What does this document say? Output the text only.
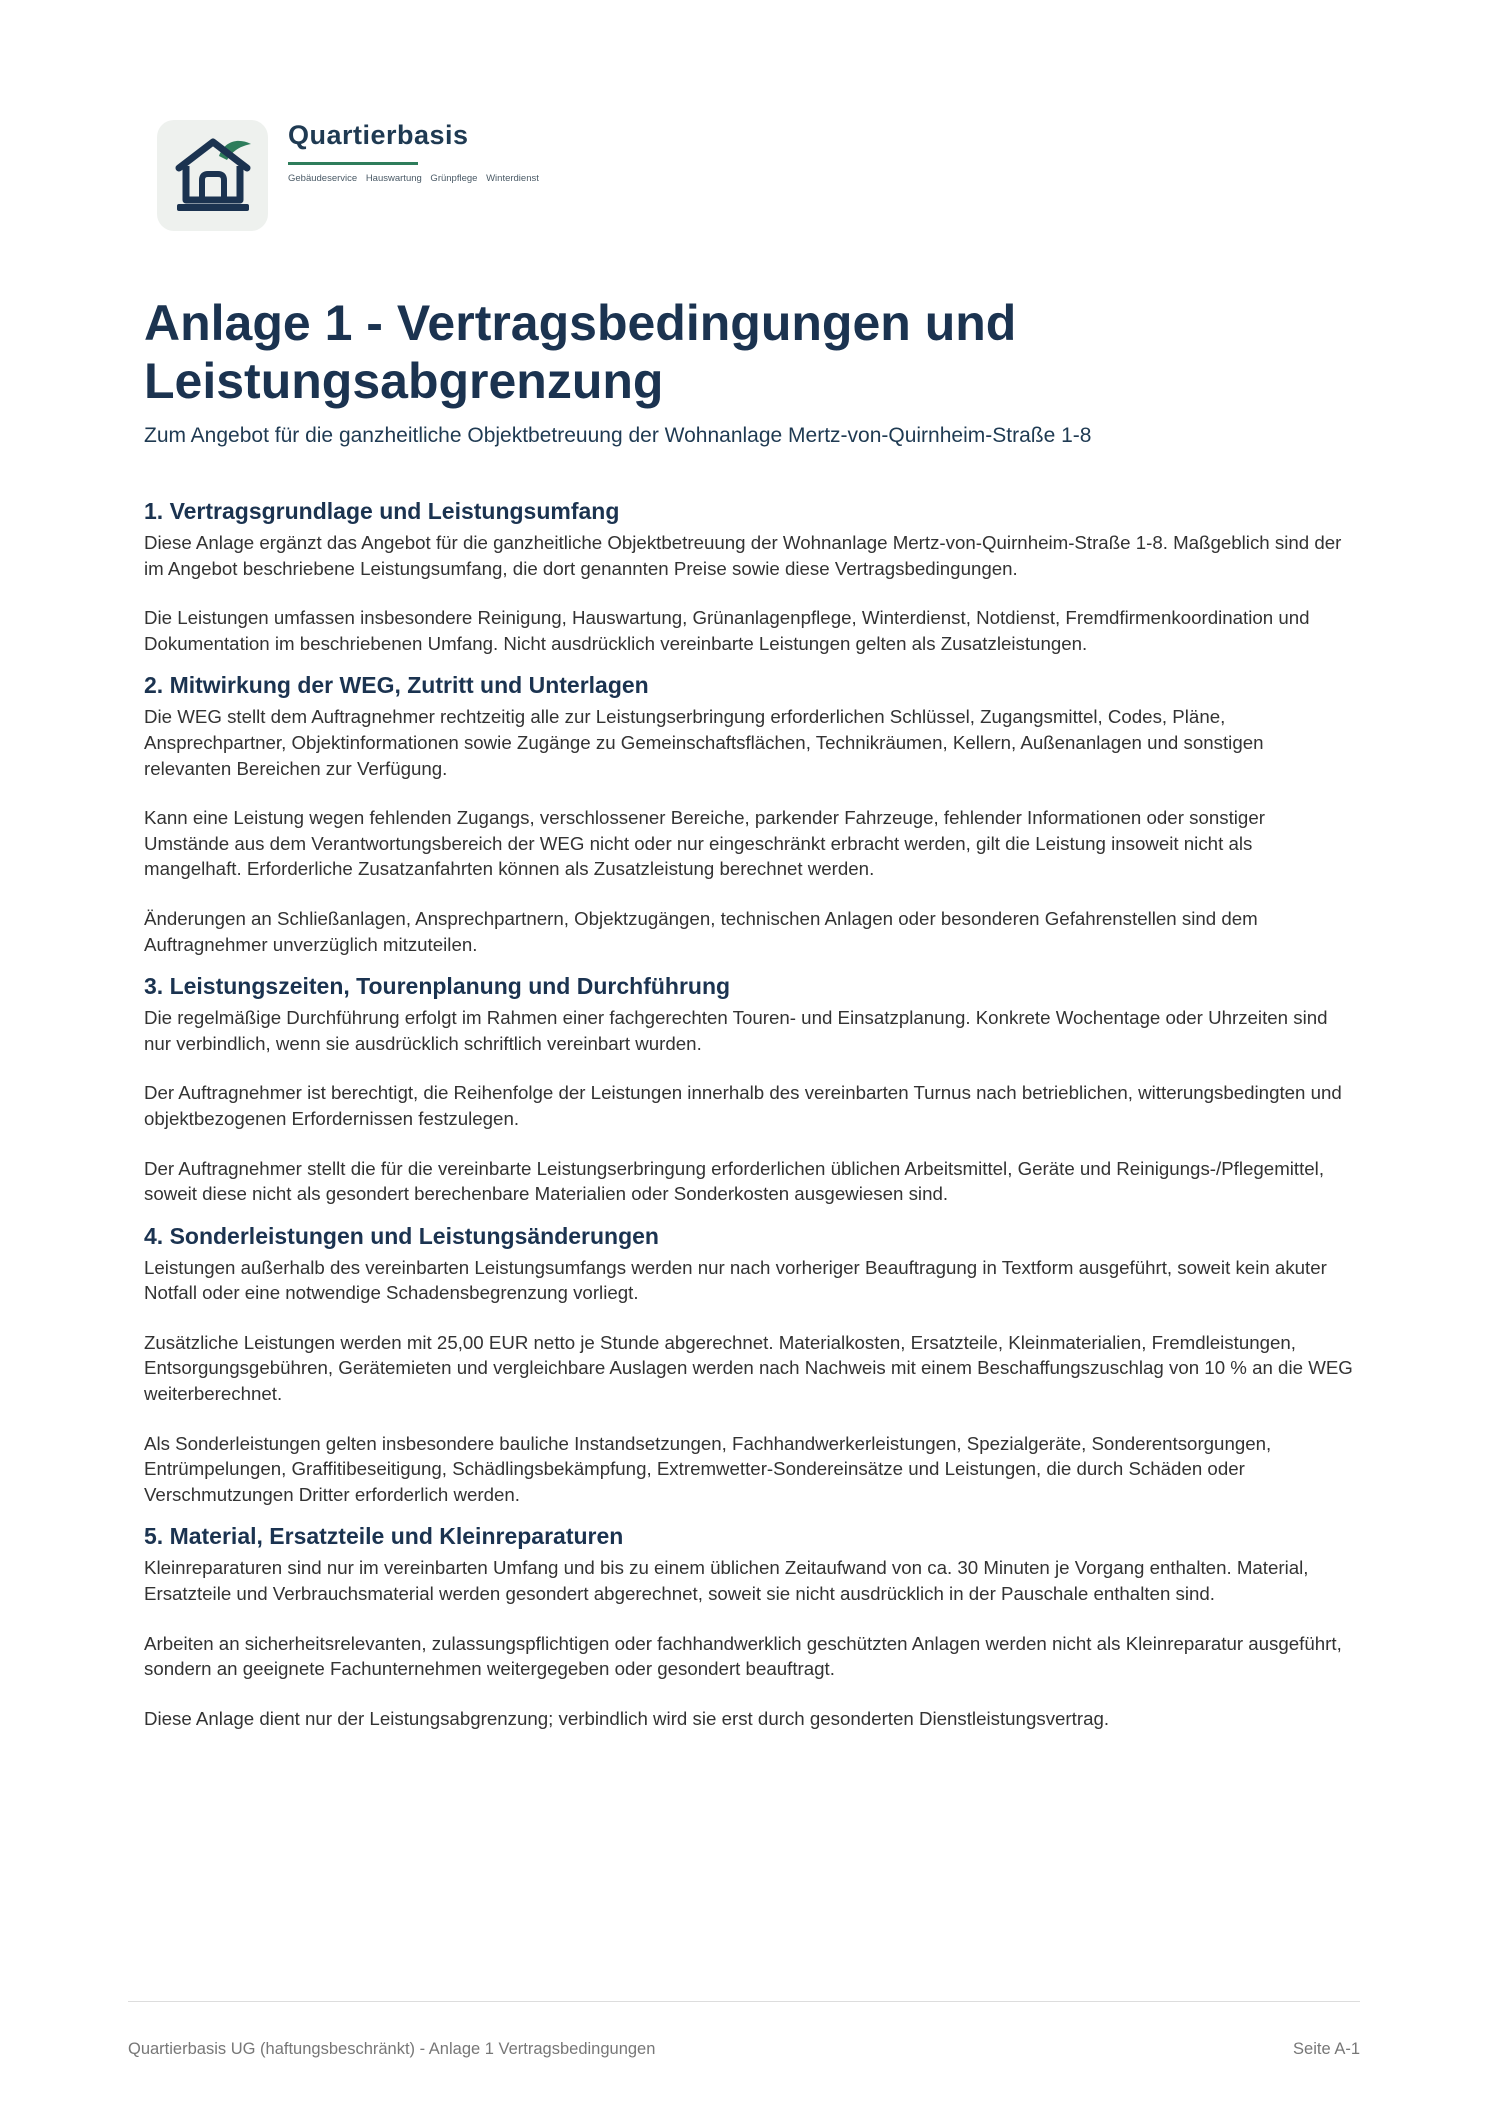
Quartierbasis
Gebäudeservice Hauswartung Grünpflege Winterdienst
Anlage 1 - Vertragsbedingungen und Leistungsabgrenzung

Zum Angebot für die ganzheitliche Objektbetreuung der Wohnanlage Mertz-von-Quirnheim-Straße 1-8

1. Vertragsgrundlage und Leistungsumfang

Diese Anlage ergänzt das Angebot für die ganzheitliche Objektbetreuung der Wohnanlage Mertz-von-Quirnheim-Straße 1-8. Maßgeblich sind der im Angebot beschriebene Leistungsumfang, die dort genannten Preise sowie diese Vertragsbedingungen.

Die Leistungen umfassen insbesondere Reinigung, Hauswartung, Grünanlagenpflege, Winterdienst, Notdienst, Fremdfirmenkoordination und Dokumentation im beschriebenen Umfang. Nicht ausdrücklich vereinbarte Leistungen gelten als Zusatzleistungen.

2. Mitwirkung der WEG, Zutritt und Unterlagen

Die WEG stellt dem Auftragnehmer rechtzeitig alle zur Leistungserbringung erforderlichen Schlüssel, Zugangsmittel, Codes, Pläne, Ansprechpartner, Objektinformationen sowie Zugänge zu Gemeinschaftsflächen, Technikräumen, Kellern, Außenanlagen und sonstigen relevanten Bereichen zur Verfügung.

Kann eine Leistung wegen fehlenden Zugangs, verschlossener Bereiche, parkender Fahrzeuge, fehlender Informationen oder sonstiger Umstände aus dem Verantwortungsbereich der WEG nicht oder nur eingeschränkt erbracht werden, gilt die Leistung insoweit nicht als mangelhaft. Erforderliche Zusatzanfahrten können als Zusatzleistung berechnet werden.

Änderungen an Schließanlagen, Ansprechpartnern, Objektzugängen, technischen Anlagen oder besonderen Gefahrenstellen sind dem Auftragnehmer unverzüglich mitzuteilen.

3. Leistungszeiten, Tourenplanung und Durchführung

Die regelmäßige Durchführung erfolgt im Rahmen einer fachgerechten Touren- und Einsatzplanung. Konkrete Wochentage oder Uhrzeiten sind nur verbindlich, wenn sie ausdrücklich schriftlich vereinbart wurden.

Der Auftragnehmer ist berechtigt, die Reihenfolge der Leistungen innerhalb des vereinbarten Turnus nach betrieblichen, witterungsbedingten und objektbezogenen Erfordernissen festzulegen.

Der Auftragnehmer stellt die für die vereinbarte Leistungserbringung erforderlichen üblichen Arbeitsmittel, Geräte und Reinigungs-/Pflegemittel, soweit diese nicht als gesondert berechenbare Materialien oder Sonderkosten ausgewiesen sind.

4. Sonderleistungen und Leistungsänderungen

Leistungen außerhalb des vereinbarten Leistungsumfangs werden nur nach vorheriger Beauftragung in Textform ausgeführt, soweit kein akuter Notfall oder eine notwendige Schadensbegrenzung vorliegt.

Zusätzliche Leistungen werden mit 25,00 EUR netto je Stunde abgerechnet. Materialkosten, Ersatzteile, Kleinmaterialien, Fremdleistungen, Entsorgungsgebühren, Gerätemieten und vergleichbare Auslagen werden nach Nachweis mit einem Beschaffungszuschlag von 10 % an die WEG weiterberechnet.

Als Sonderleistungen gelten insbesondere bauliche Instandsetzungen, Fachhandwerkerleistungen, Spezialgeräte, Sonderentsorgungen, Entrümpelungen, Graffitibeseitigung, Schädlingsbekämpfung, Extremwetter-Sondereinsätze und Leistungen, die durch Schäden oder Verschmutzungen Dritter erforderlich werden.

5. Material, Ersatzteile und Kleinreparaturen

Kleinreparaturen sind nur im vereinbarten Umfang und bis zu einem üblichen Zeitaufwand von ca. 30 Minuten je Vorgang enthalten. Material, Ersatzteile und Verbrauchsmaterial werden gesondert abgerechnet, soweit sie nicht ausdrücklich in der Pauschale enthalten sind.

Arbeiten an sicherheitsrelevanten, zulassungspflichtigen oder fachhandwerklich geschützten Anlagen werden nicht als Kleinreparatur ausgeführt, sondern an geeignete Fachunternehmen weitergegeben oder gesondert beauftragt.

Diese Anlage dient nur der Leistungsabgrenzung; verbindlich wird sie erst durch gesonderten Dienstleistungsvertrag.

Quartierbasis UG (haftungsbeschränkt) - Anlage 1 Vertragsbedingungen	Seite A-1
